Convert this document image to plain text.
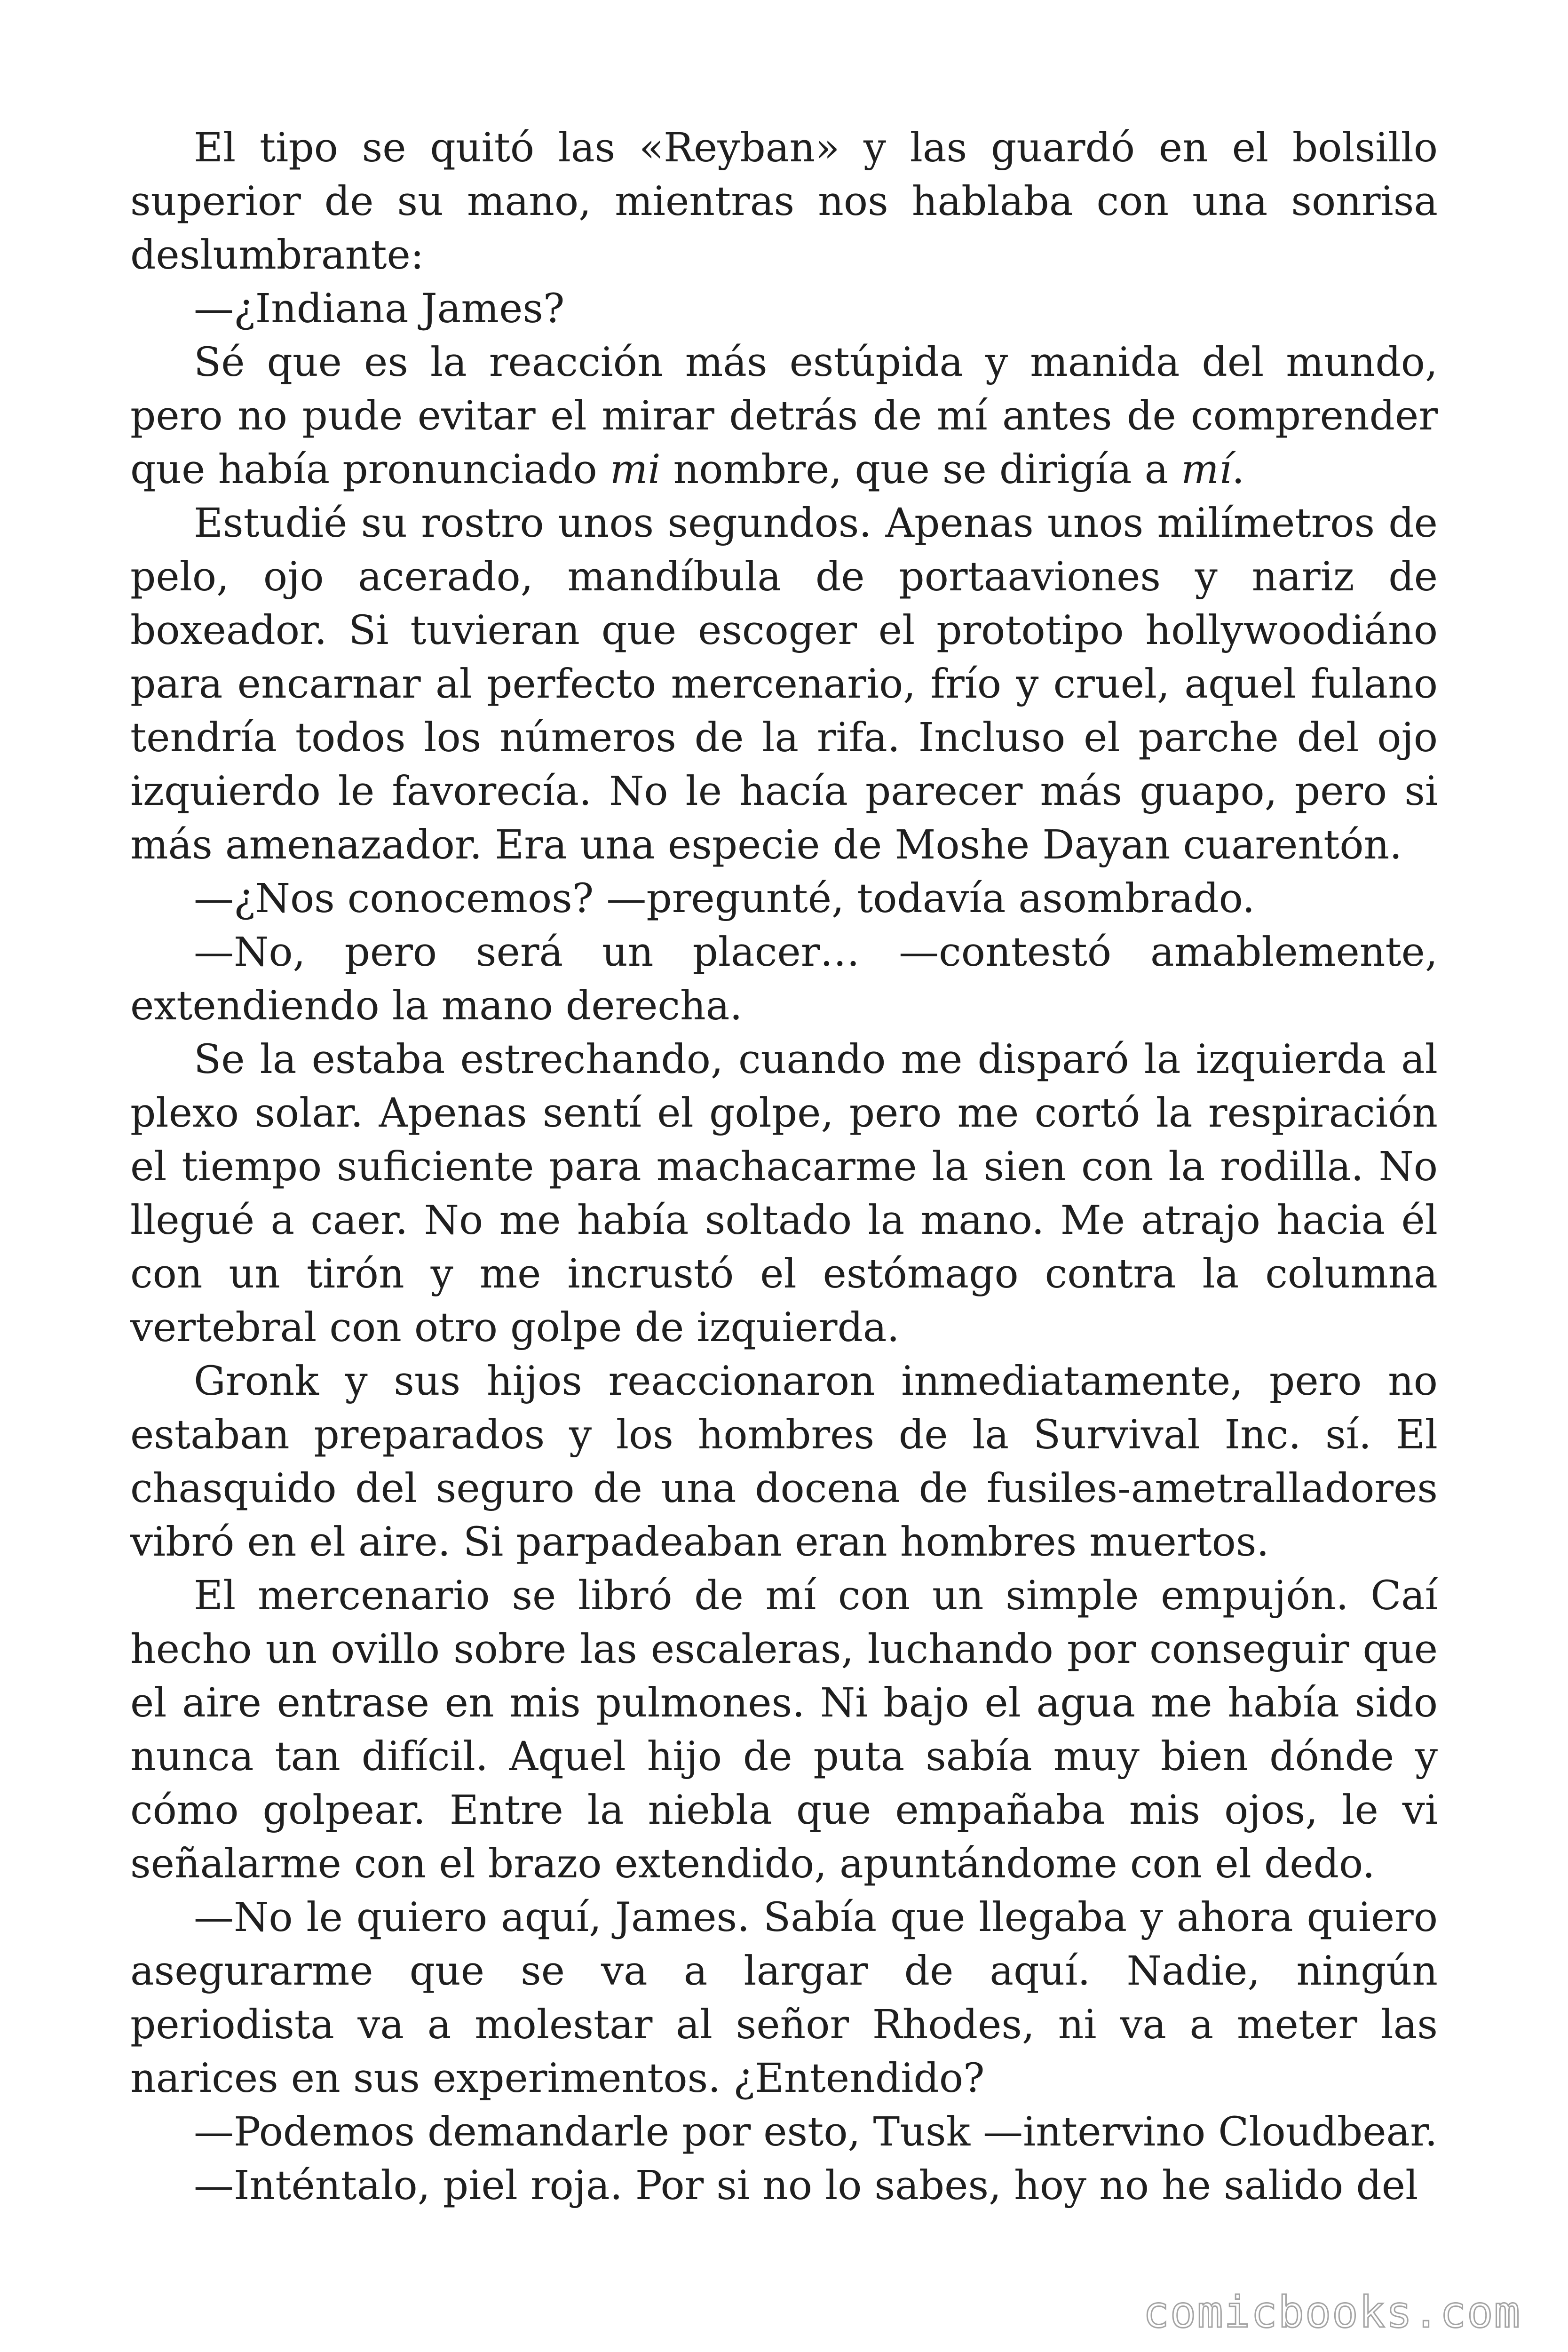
El tipo se quitó las «Reyban» y las guardó en el bolsillo superior de su mano, mientras nos hablaba con una sonrisa deslumbrante:

—¿Indiana James?

Sé que es la reacción más estúpida y manida del mundo, pero no pude evitar el mirar detrás de mí antes de comprender que había pronunciado mi nombre, que se dirigía a mí.

Estudié su rostro unos segundos. Apenas unos milímetros de pelo, ojo acerado, mandíbula de portaaviones y nariz de boxeador. Si tuvieran que escoger el prototipo hollywoodiáno para encarnar al perfecto mercenario, frío y cruel, aquel fulano tendría todos los números de la rifa. Incluso el parche del ojo izquierdo le favorecía. No le hacía parecer más guapo, pero si más amenazador. Era una especie de Moshe Dayan cuarentón.

—¿Nos conocemos? —pregunté, todavía asombrado.

—No, pero será un placer… —contestó amablemente, extendiendo la mano derecha.

Se la estaba estrechando, cuando me disparó la izquierda al plexo solar. Apenas sentí el golpe, pero me cortó la respiración el tiempo suficiente para machacarme la sien con la rodilla. No llegué a caer. No me había soltado la mano. Me atrajo hacia él con un tirón y me incrustó el estómago contra la columna vertebral con otro golpe de izquierda.

Gronk y sus hijos reaccionaron inmediatamente, pero no estaban preparados y los hombres de la Survival Inc. sí. El chasquido del seguro de una docena de fusiles-ametralladores vibró en el aire. Si parpadeaban eran hombres muertos.

El mercenario se libró de mí con un simple empujón. Caí hecho un ovillo sobre las escaleras, luchando por conseguir que el aire entrase en mis pulmones. Ni bajo el agua me había sido nunca tan difícil. Aquel hijo de puta sabía muy bien dónde y cómo golpear. Entre la niebla que empañaba mis ojos, le vi señalarme con el brazo extendido, apuntándome con el dedo.

—No le quiero aquí, James. Sabía que llegaba y ahora quiero asegurarme que se va a largar de aquí. Nadie, ningún periodista va a molestar al señor Rhodes, ni va a meter las narices en sus experimentos. ¿Entendido?

—Podemos demandarle por esto, Tusk —intervino Cloudbear.

—Inténtalo, piel roja. Por si no lo sabes, hoy no he salido del

comicbooks.com
